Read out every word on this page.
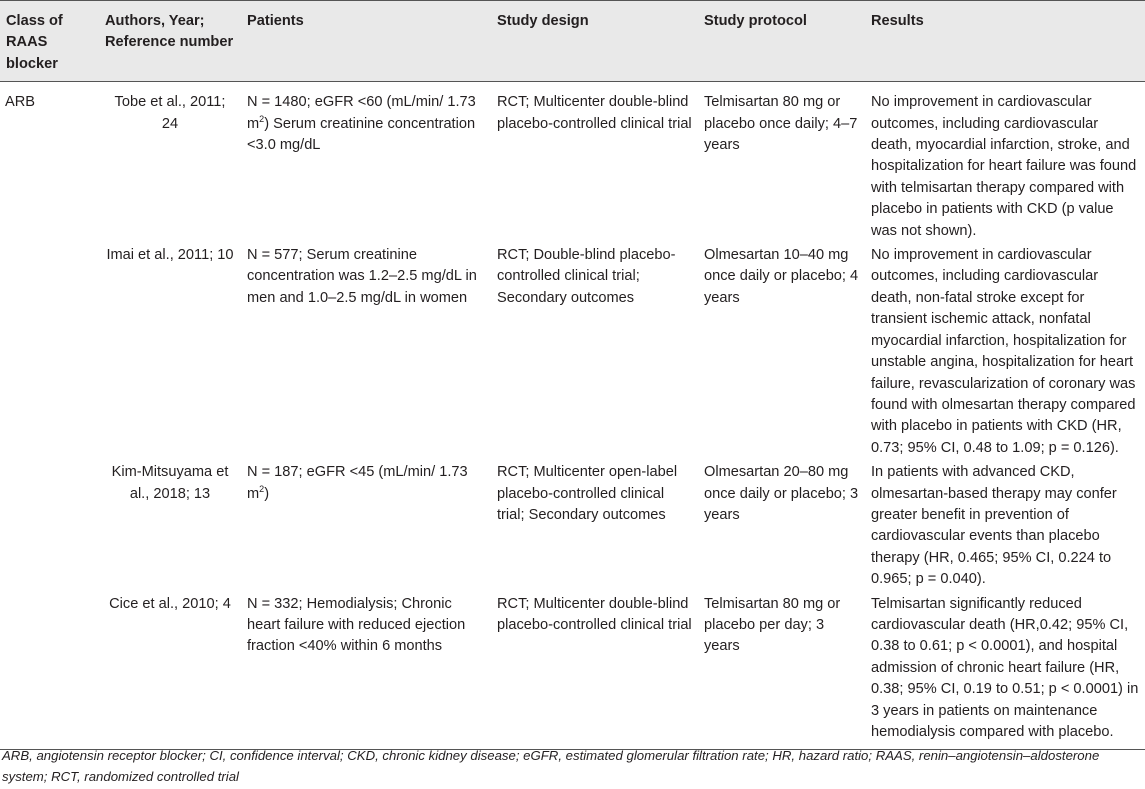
Class of RAAS blocker	Authors, Year; Reference number	Patients	Study design	Study protocol	Results
ARB	Tobe et al., 2011; 24	N = 1480; eGFR <60 (mL/min/ 1.73 $m^2$) Serum creatinine concentration <3.0 mg/dL	RCT; Multicenter double-blind placebo-controlled clinical trial	Telmisartan 80 mg or placebo once daily; 4–7 years	No improvement in cardiovascular outcomes, including cardiovascular death, myocardial infarction, stroke, and hospitalization for heart failure was found with telmisartan therapy compared with placebo in patients with CKD (p value was not shown).
	Imai et al., 2011; 10	N = 577; Serum creatinine concentration was 1.2–2.5 mg/dL in men and 1.0–2.5 mg/dL in women	RCT; Double-blind placebo-controlled clinical trial; Secondary outcomes	Olmesartan 10–40 mg once daily or placebo; 4 years	No improvement in cardiovascular outcomes, including cardiovascular death, non-fatal stroke except for transient ischemic attack, nonfatal myocardial infarction, hospitalization for unstable angina, hospitalization for heart failure, revascularization of coronary was found with olmesartan therapy compared with placebo in patients with CKD (HR, 0.73; 95% CI, 0.48 to 1.09; p = 0.126).
	Kim-Mitsuyama et al., 2018; 13	N = 187; eGFR <45 (mL/min/ 1.73 $m^2$)	RCT; Multicenter open-label placebo-controlled clinical trial; Secondary outcomes	Olmesartan 20–80 mg once daily or placebo; 3 years	In patients with advanced CKD, olmesartan-based therapy may confer greater benefit in prevention of cardiovascular events than placebo therapy (HR, 0.465; 95% CI, 0.224 to 0.965; p = 0.040).
	Cice et al., 2010; 4	N = 332; Hemodialysis; Chronic heart failure with reduced ejection fraction <40% within 6 months	RCT; Multicenter double-blind placebo-controlled clinical trial	Telmisartan 80 mg or placebo per day; 3 years	Telmisartan significantly reduced cardiovascular death (HR,0.42; 95% CI, 0.38 to 0.61; p < 0.0001), and hospital admission of chronic heart failure (HR, 0.38; 95% CI, 0.19 to 0.51; p < 0.0001) in 3 years in patients on maintenance hemodialysis compared with placebo.
ARB, angiotensin receptor blocker; CI, confidence interval; CKD, chronic kidney disease; eGFR, estimated glomerular filtration rate; HR, hazard ratio; RAAS, renin–angiotensin–aldosterone system; RCT, randomized controlled trial
